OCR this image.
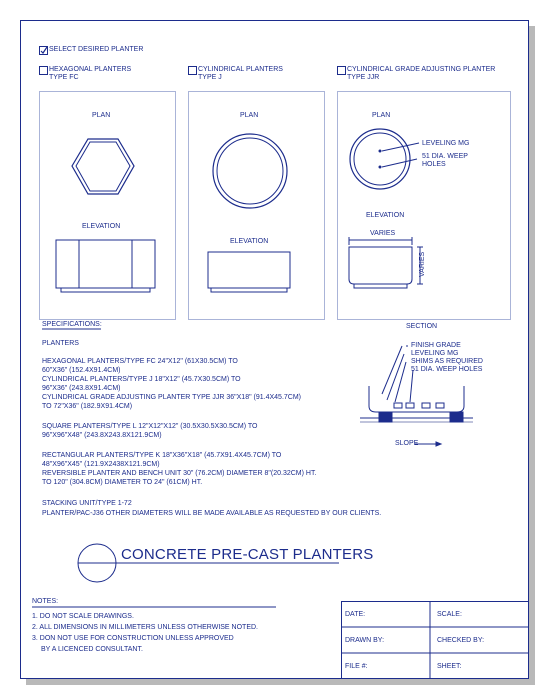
SELECT DESIRED PLANTER
HEXAGONAL PLANTERS
TYPE FC
CYLINDRICAL PLANTERS
TYPE J
CYLINDRICAL GRADE ADJUSTING PLANTER
TYPE JJR
PLAN
ELEVATION
PLAN
ELEVATION
PLAN
ELEVATION
SECTION
LEVELING MG
51 DIA. WEEP
HOLES
VARIES
VARIES
FINISH GRADE
LEVELING MG
SHIMS AS REQUIRED
51 DIA. WEEP HOLES
SLOPE
SPECIFICATIONS:
PLANTERS
HEXAGONAL PLANTERS/TYPE FC 24"X12" (61X30.5CM) TO
60"X36" (152.4X91.4CM)
CYLINDRICAL PLANTERS/TYPE J 18"X12" (45.7X30.5CM) TO
96"X36" (243.8X91.4CM)
CYLINDRICAL GRADE ADJUSTING PLANTER TYPE JJR 36"X18" (91.4X45.7CM)
TO 72"X36" (182.9X91.4CM)
SQUARE PLANTERS/TYPE L 12"X12"X12" (30.5X30.5X30.5CM) TO
96"X96"X48" (243.8X243.8X121.9CM)
RECTANGULAR PLANTERS/TYPE K 18"X36"X18" (45.7X91.4X45.7CM) TO
48"X96"X45" (121.9X2438X121.9CM)
REVERSIBLE PLANTER AND BENCH UNIT 30" (76.2CM) DIAMETER 8"(20.32CM) HT.
TO 120" (304.8CM) DIAMETER TO 24" (61CM) HT.
STACKING UNIT/TYPE 1-72
PLANTER/PAC-J36 OTHER DIAMETERS WILL BE MADE AVAILABLE AS REQUESTED BY OUR CLIENTS.
CONCRETE PRE-CAST PLANTERS
NOTES:
1. DO NOT SCALE DRAWINGS.
2. ALL DIMENSIONS IN MILLIMETERS UNLESS OTHERWISE NOTED.
3. DON NOT USE FOR CONSTRUCTION UNLESS APPROVED
BY A LICENCED CONSULTANT.
DATE:	SCALE:
DRAWN BY:	CHECKED BY:
FILE #:	SHEET:
